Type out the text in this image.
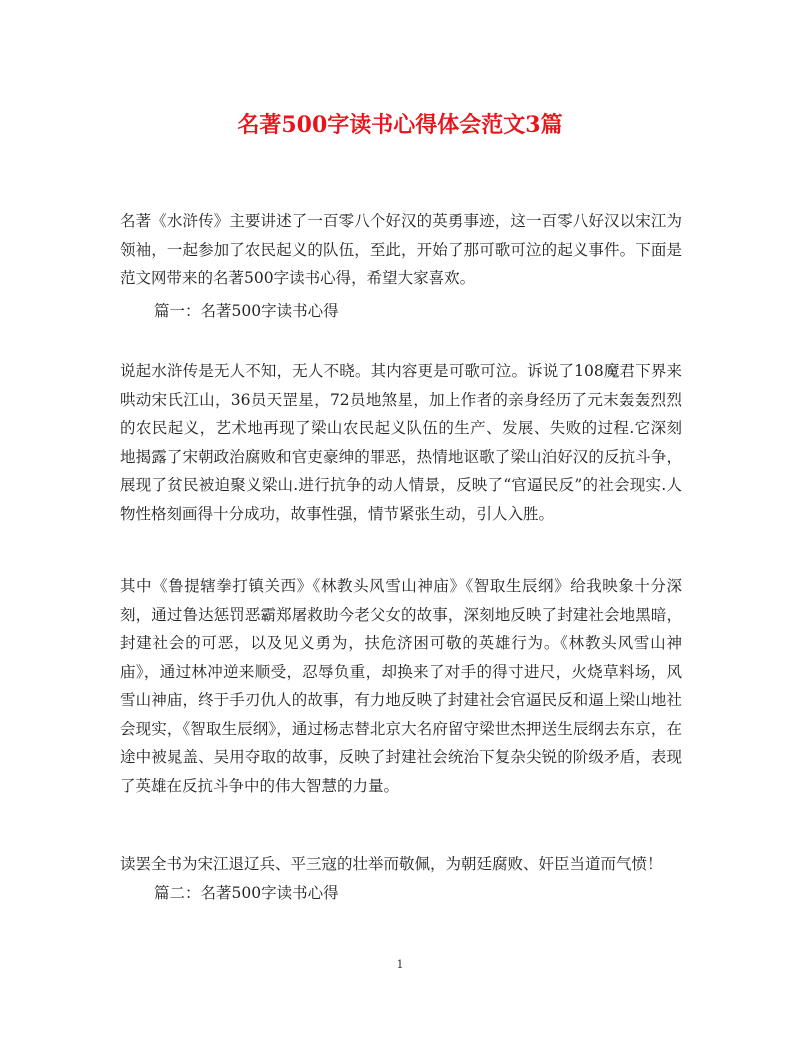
名著500字读书心得体会范文3篇

名著《水浒传》主要讲述了一百零八个好汉的英勇事迹，这一百零八好汉以宋江为领袖，一起参加了农民起义的队伍，至此，开始了那可歌可泣的起义事件。下面是范文网带来的名著500字读书心得，希望大家喜欢。

篇一：名著500字读书心得

说起水浒传是无人不知，无人不晓。其内容更是可歌可泣。诉说了108魔君下界来哄动宋氏江山，36员天罡星，72员地煞星，加上作者的亲身经历了元末轰轰烈烈的农民起义，艺术地再现了梁山农民起义队伍的生产、发展、失败的过程.它深刻地揭露了宋朝政治腐败和官吏豪绅的罪恶，热情地讴歌了梁山泊好汉的反抗斗争，展现了贫民被迫聚义梁山.进行抗争的动人情景，反映了“官逼民反”的社会现实.人物性格刻画得十分成功，故事性强，情节紧张生动，引人入胜。

其中《鲁提辖拳打镇关西》《林教头风雪山神庙》《智取生辰纲》给我映象十分深刻，通过鲁达惩罚恶霸郑屠救助今老父女的故事，深刻地反映了封建社会地黑暗，封建社会的可恶，以及见义勇为，扶危济困可敬的英雄行为。《林教头风雪山神庙》，通过林冲逆来顺受，忍辱负重，却换来了对手的得寸进尺，火烧草料场，风雪山神庙，终于手刃仇人的故事，有力地反映了封建社会官逼民反和逼上梁山地社会现实，《智取生辰纲》，通过杨志替北京大名府留守梁世杰押送生辰纲去东京，在途中被晁盖、吴用夺取的故事，反映了封建社会统治下复杂尖锐的阶级矛盾，表现了英雄在反抗斗争中的伟大智慧的力量。

读罢全书为宋江退辽兵、平三寇的壮举而敬佩，为朝廷腐败、奸臣当道而气愤！

篇二：名著500字读书心得

1
